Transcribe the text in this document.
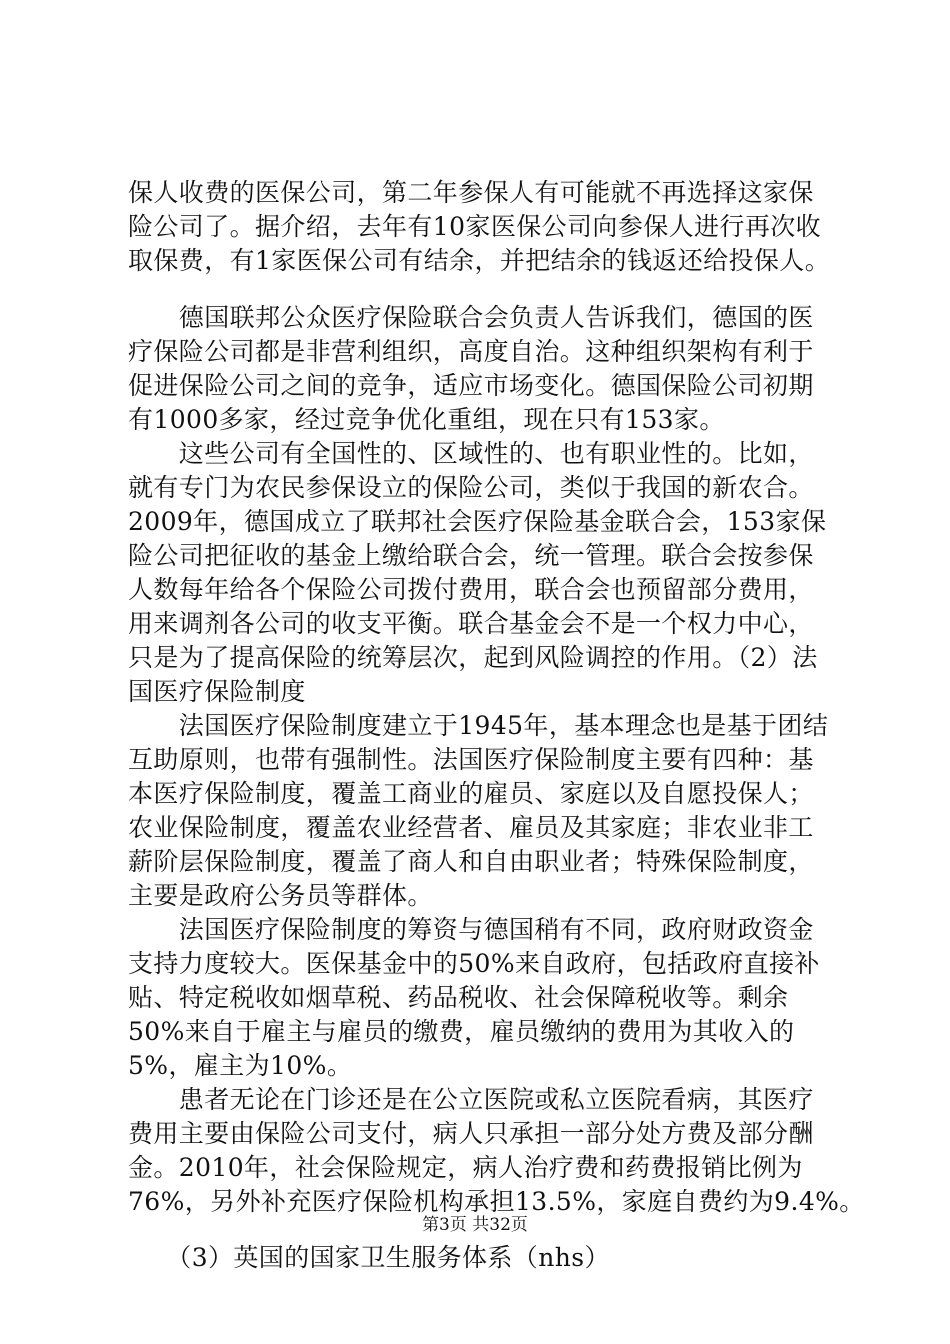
保人收费的医保公司，第二年参保人有可能就不再选择这家保
险公司了。据介绍，去年有10家医保公司向参保人进行再次收
取保费，有1家医保公司有结余，并把结余的钱返还给投保人。
　　德国联邦公众医疗保险联合会负责人告诉我们，德国的医
疗保险公司都是非营利组织，高度自治。这种组织架构有利于
促进保险公司之间的竞争，适应市场变化。德国保险公司初期
有1000多家，经过竞争优化重组，现在只有153家。
　　这些公司有全国性的、区域性的、也有职业性的。比如，
就有专门为农民参保设立的保险公司，类似于我国的新农合。
2009年，德国成立了联邦社会医疗保险基金联合会，153家保
险公司把征收的基金上缴给联合会，统一管理。联合会按参保
人数每年给各个保险公司拨付费用，联合会也预留部分费用，
用来调剂各公司的收支平衡。联合基金会不是一个权力中心，
只是为了提高保险的统筹层次，起到风险调控的作用。（2）法
国医疗保险制度
　　法国医疗保险制度建立于1945年，基本理念也是基于团结
互助原则，也带有强制性。法国医疗保险制度主要有四种：基
本医疗保险制度，覆盖工商业的雇员、家庭以及自愿投保人；
农业保险制度，覆盖农业经营者、雇员及其家庭；非农业非工
薪阶层保险制度，覆盖了商人和自由职业者；特殊保险制度，
主要是政府公务员等群体。
　　法国医疗保险制度的筹资与德国稍有不同，政府财政资金
支持力度较大。医保基金中的50%来自政府，包括政府直接补
贴、特定税收如烟草税、药品税收、社会保障税收等。剩余
50%来自于雇主与雇员的缴费，雇员缴纳的费用为其收入的
5%，雇主为10%。
　　患者无论在门诊还是在公立医院或私立医院看病，其医疗
费用主要由保险公司支付，病人只承担一部分处方费及部分酬
金。2010年，社会保险规定，病人治疗费和药费报销比例为
76%，另外补充医疗保险机构承担13.5%，家庭自费约为9.4%。
　　（3）英国的国家卫生服务体系（nhs）
第3页 共32页
